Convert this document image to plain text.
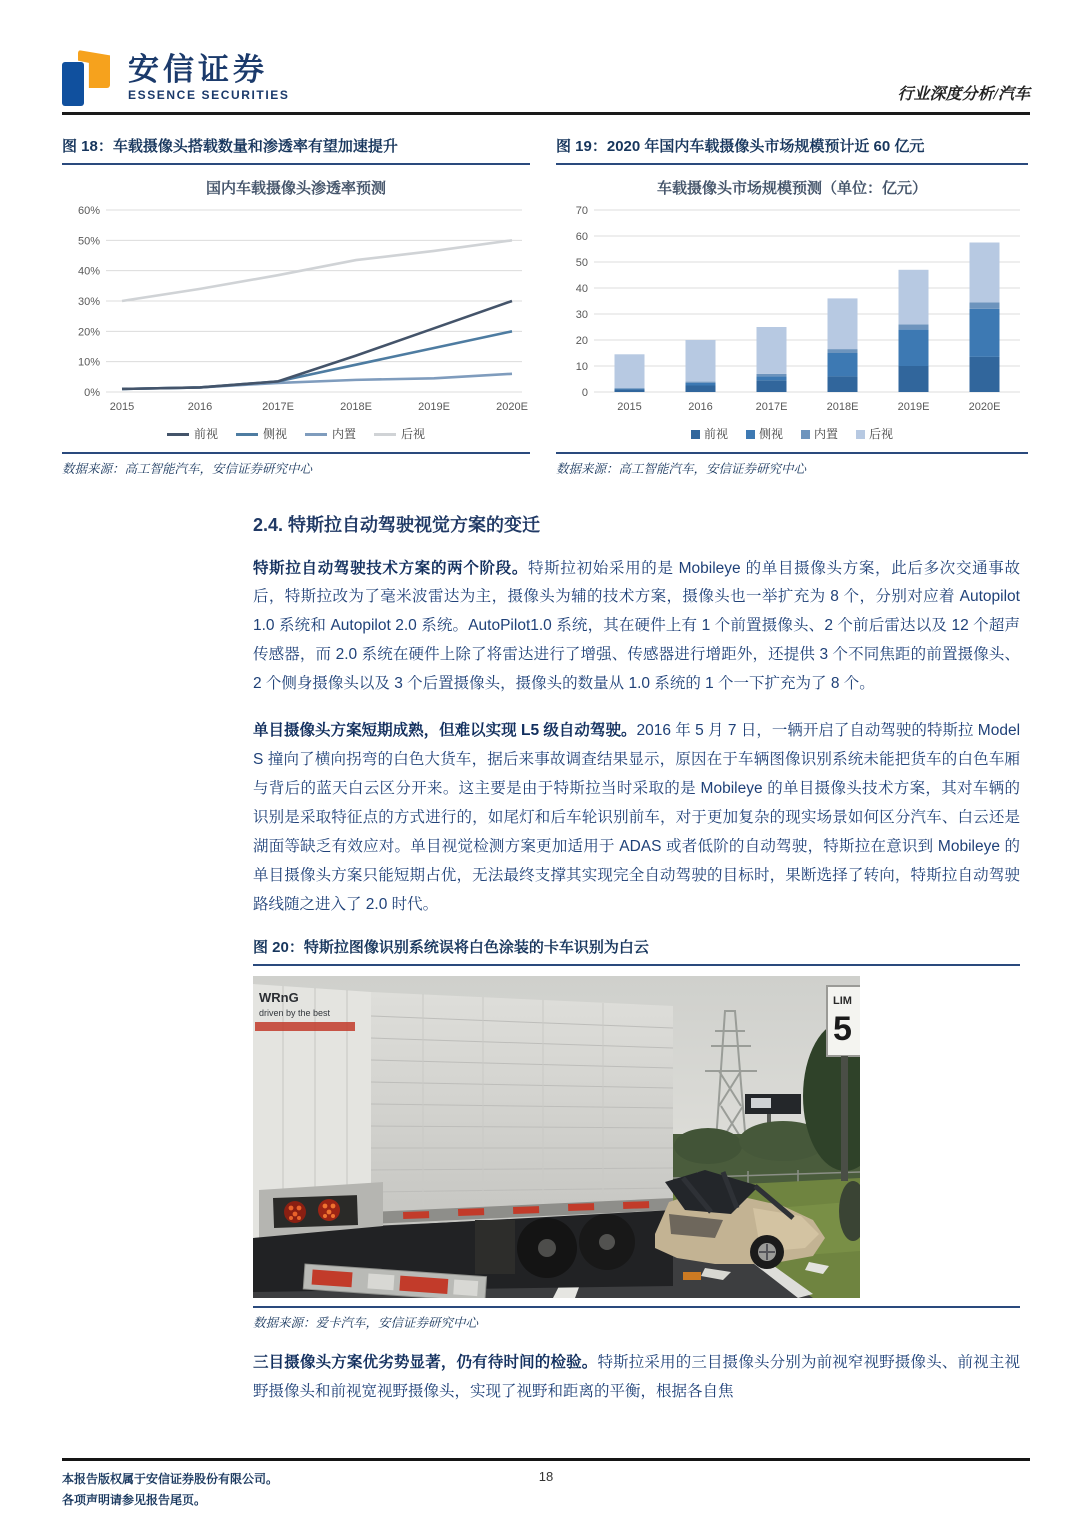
安信证券
ESSENCE SECURITIES	行业深度分析/汽车
图 18：车载摄像头搭载数量和渗透率有望加速提升
国内车载摄像头渗透率预测
0%
10%
20%
30%
40%
50%
60%
2015	2016	2017E	2018E	2019E	2020E
前视	侧视	内置	后视
数据来源：高工智能汽车，安信证券研究中心
图 19：2020 年国内车载摄像头市场规模预计近 60 亿元
车载摄像头市场规模预测（单位：亿元）
0
10
20
30
40
50
60
70
2015	2016	2017E	2018E	2019E	2020E
前视	侧视	内置	后视
数据来源：高工智能汽车，安信证券研究中心
2.4. 特斯拉自动驾驶视觉方案的变迁

特斯拉自动驾驶技术方案的两个阶段。特斯拉初始采用的是 Mobileye 的单目摄像头方案，此后多次交通事故后，特斯拉改为了毫米波雷达为主，摄像头为辅的技术方案，摄像头也一举扩充为 8 个，分别对应着 Autopilot 1.0 系统和 Autopilot 2.0 系统。AutoPilot1.0 系统，其在硬件上有 1 个前置摄像头、2 个前后雷达以及 12 个超声传感器，而 2.0 系统在硬件上除了将雷达进行了增强、传感器进行增距外，还提供 3 个不同焦距的前置摄像头、2 个侧身摄像头以及 3 个后置摄像头，摄像头的数量从 1.0 系统的 1 个一下扩充为了 8 个。

单目摄像头方案短期成熟，但难以实现 L5 级自动驾驶。2016 年 5 月 7 日，一辆开启了自动驾驶的特斯拉 Model S 撞向了横向拐弯的白色大货车，据后来事故调查结果显示，原因在于车辆图像识别系统未能把货车的白色车厢与背后的蓝天白云区分开来。这主要是由于特斯拉当时采取的是 Mobileye 的单目摄像头技术方案，其对车辆的识别是采取特征点的方式进行的，如尾灯和后车轮识别前车，对于更加复杂的现实场景如何区分汽车、白云还是湖面等缺乏有效应对。单目视觉检测方案更加适用于 ADAS 或者低阶的自动驾驶，特斯拉在意识到 Mobileye 的单目摄像头方案只能短期占优，无法最终支撑其实现完全自动驾驶的目标时，果断选择了转向，特斯拉自动驾驶路线随之进入了 2.0 时代。

图 20：特斯拉图像识别系统误将白色涂装的卡车识别为白云
WRnG
driven by the best
LIM
5
数据来源：爱卡汽车，安信证券研究中心

三目摄像头方案优劣势显著，仍有待时间的检验。特斯拉采用的三目摄像头分别为前视窄视野摄像头、前视主视野摄像头和前视宽视野摄像头，实现了视野和距离的平衡，根据各自焦

本报告版权属于安信证券股份有限公司。
各项声明请参见报告尾页。
18
